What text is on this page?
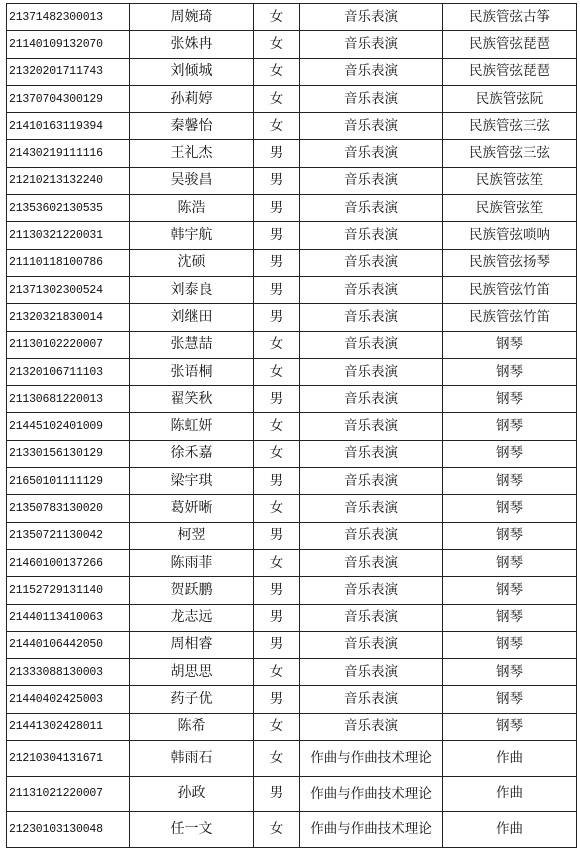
21371482300013	周婉琦	女	音乐表演	民族管弦古筝
21140109132070	张姝冉	女	音乐表演	民族管弦琵琶
21320201711743	刘倾城	女	音乐表演	民族管弦琵琶
21370704300129	孙莉婷	女	音乐表演	民族管弦阮
21410163119394	秦馨怡	女	音乐表演	民族管弦三弦
21430219111116	王礼杰	男	音乐表演	民族管弦三弦
21210213132240	吴骏昌	男	音乐表演	民族管弦笙
21353602130535	陈浩	男	音乐表演	民族管弦笙
21130321220031	韩宇航	男	音乐表演	民族管弦唢呐
21110118100786	沈硕	男	音乐表演	民族管弦扬琴
21371302300524	刘泰良	男	音乐表演	民族管弦竹笛
21320321830014	刘继田	男	音乐表演	民族管弦竹笛
21130102220007	张慧喆	女	音乐表演	钢琴
21320106711103	张语桐	女	音乐表演	钢琴
21130681220013	翟笑秋	男	音乐表演	钢琴
21445102401009	陈虹妍	女	音乐表演	钢琴
21330156130129	徐禾嘉	女	音乐表演	钢琴
21650101111129	梁宇琪	男	音乐表演	钢琴
21350783130020	葛妍晰	女	音乐表演	钢琴
21350721130042	柯翌	男	音乐表演	钢琴
21460100137266	陈雨菲	女	音乐表演	钢琴
21152729131140	贺跃鹏	男	音乐表演	钢琴
21440113410063	龙志远	男	音乐表演	钢琴
21440106442050	周相睿	男	音乐表演	钢琴
21333088130003	胡思思	女	音乐表演	钢琴
21440402425003	药子优	男	音乐表演	钢琴
21441302428011	陈希	女	音乐表演	钢琴
21210304131671	韩雨石	女	作曲与作曲技术理论	作曲
21131021220007	孙政	男	作曲与作曲技术理论	作曲
21230103130048	任一文	女	作曲与作曲技术理论	作曲
